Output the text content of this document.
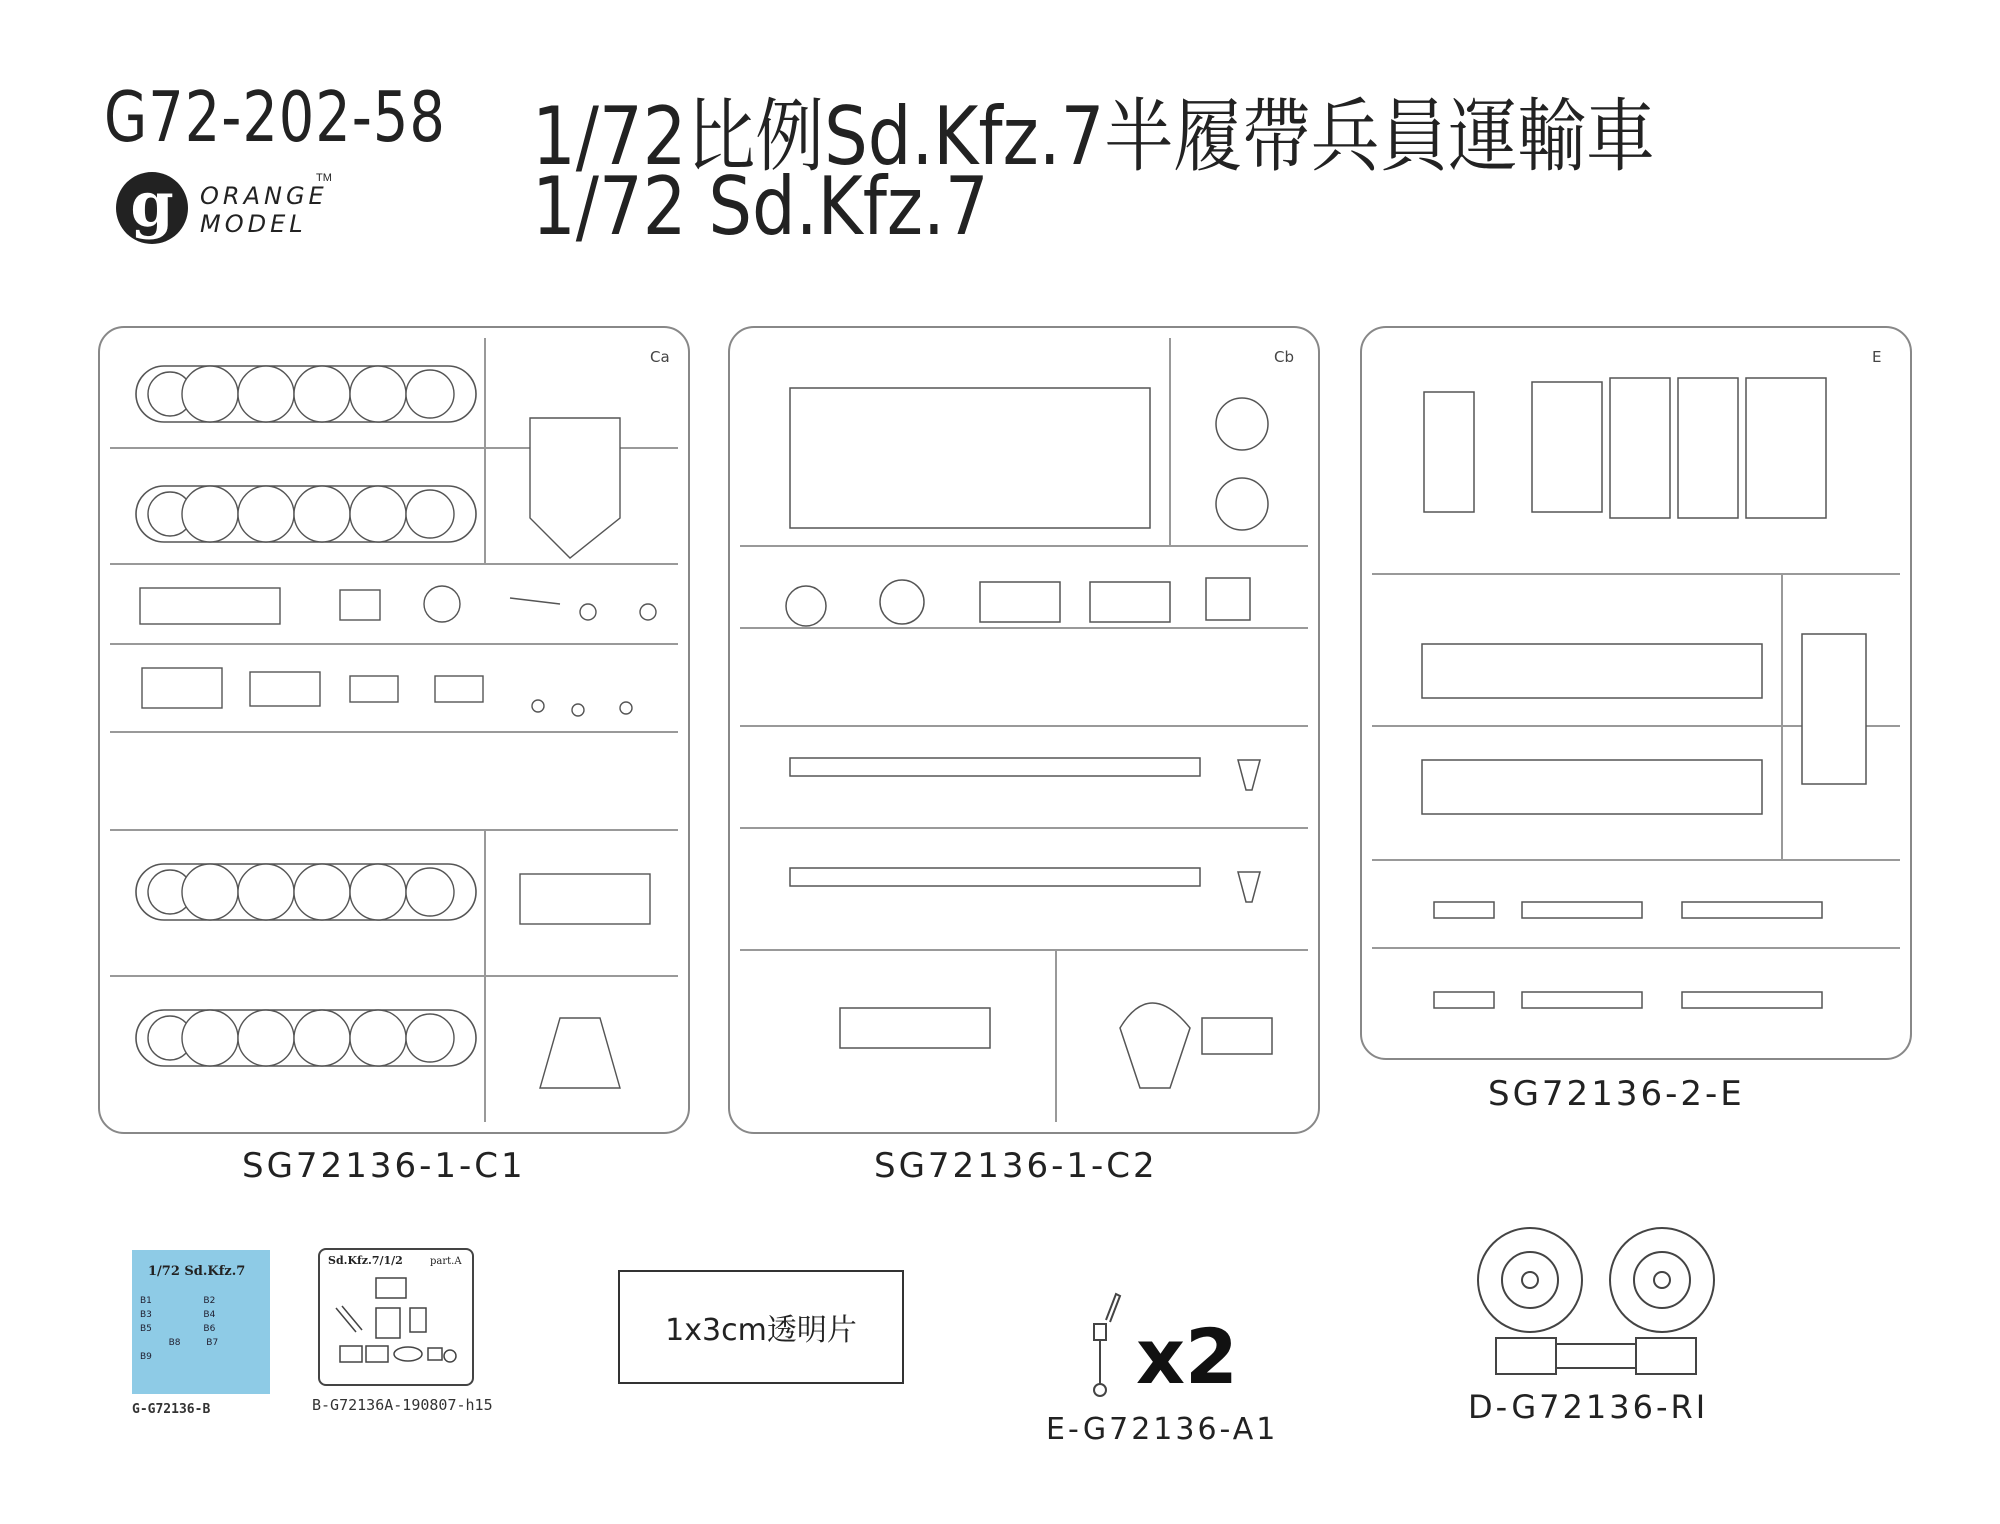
G72-202-58
g ORANGE
MODEL
TM	1/72比例Sd.Kfz.7半履帶兵員運輸車
1/72 Sd.Kfz.7
Ca
SG72136-1-C1
Cb
SG72136-1-C2
E
SG72136-2-E
1/72 Sd.Kfz.7
B1	B2
B3	B4
B5	B6
B8	B7
B9
G-G72136-B
Sd.Kfz.7/1/2	part.A
B-G72136A-190807-h15
1x3cm透明片	x2
E-G72136-A1
D-G72136-RI
